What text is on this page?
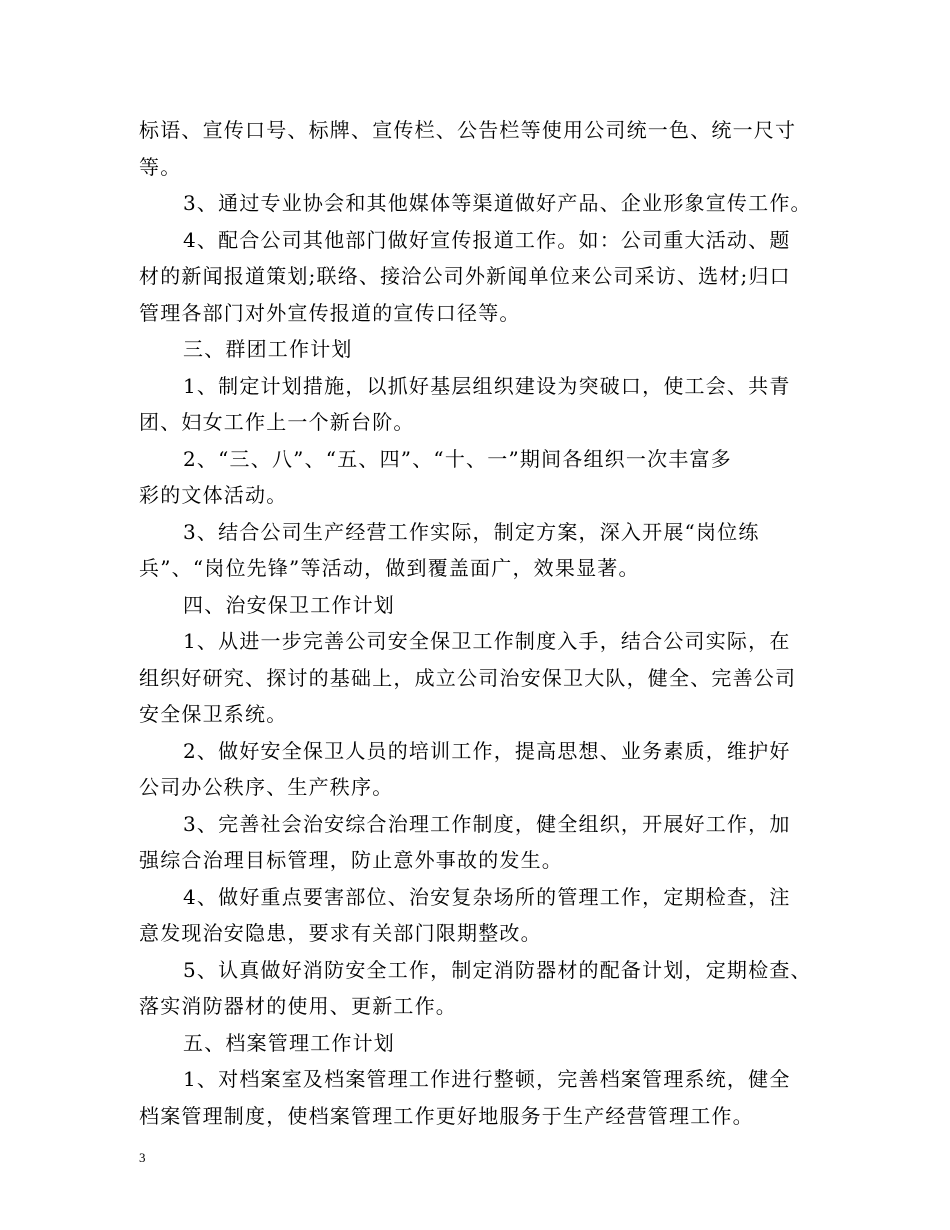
标语、宣传口号、标牌、宣传栏、公告栏等使用公司统一色、统一尺寸
等。
3、通过专业协会和其他媒体等渠道做好产品、企业形象宣传工作。
4、配合公司其他部门做好宣传报道工作。如：公司重大活动、题
材的新闻报道策划;联络、接洽公司外新闻单位来公司采访、选材;归口
管理各部门对外宣传报道的宣传口径等。
三、群团工作计划
1、制定计划措施，以抓好基层组织建设为突破口，使工会、共青
团、妇女工作上一个新台阶。
2、“三、八”、“五、四”、“十、一”期间各组织一次丰富多
彩的文体活动。
3、结合公司生产经营工作实际，制定方案，深入开展“岗位练
兵”、“岗位先锋”等活动，做到覆盖面广，效果显著。
四、治安保卫工作计划
1、从进一步完善公司安全保卫工作制度入手，结合公司实际，在
组织好研究、探讨的基础上，成立公司治安保卫大队，健全、完善公司
安全保卫系统。
2、做好安全保卫人员的培训工作，提高思想、业务素质，维护好
公司办公秩序、生产秩序。
3、完善社会治安综合治理工作制度，健全组织，开展好工作，加
强综合治理目标管理，防止意外事故的发生。
4、做好重点要害部位、治安复杂场所的管理工作，定期检查，注
意发现治安隐患，要求有关部门限期整改。
5、认真做好消防安全工作，制定消防器材的配备计划，定期检查、
落实消防器材的使用、更新工作。
五、档案管理工作计划
1、对档案室及档案管理工作进行整顿，完善档案管理系统，健全
档案管理制度，使档案管理工作更好地服务于生产经营管理工作。
3
